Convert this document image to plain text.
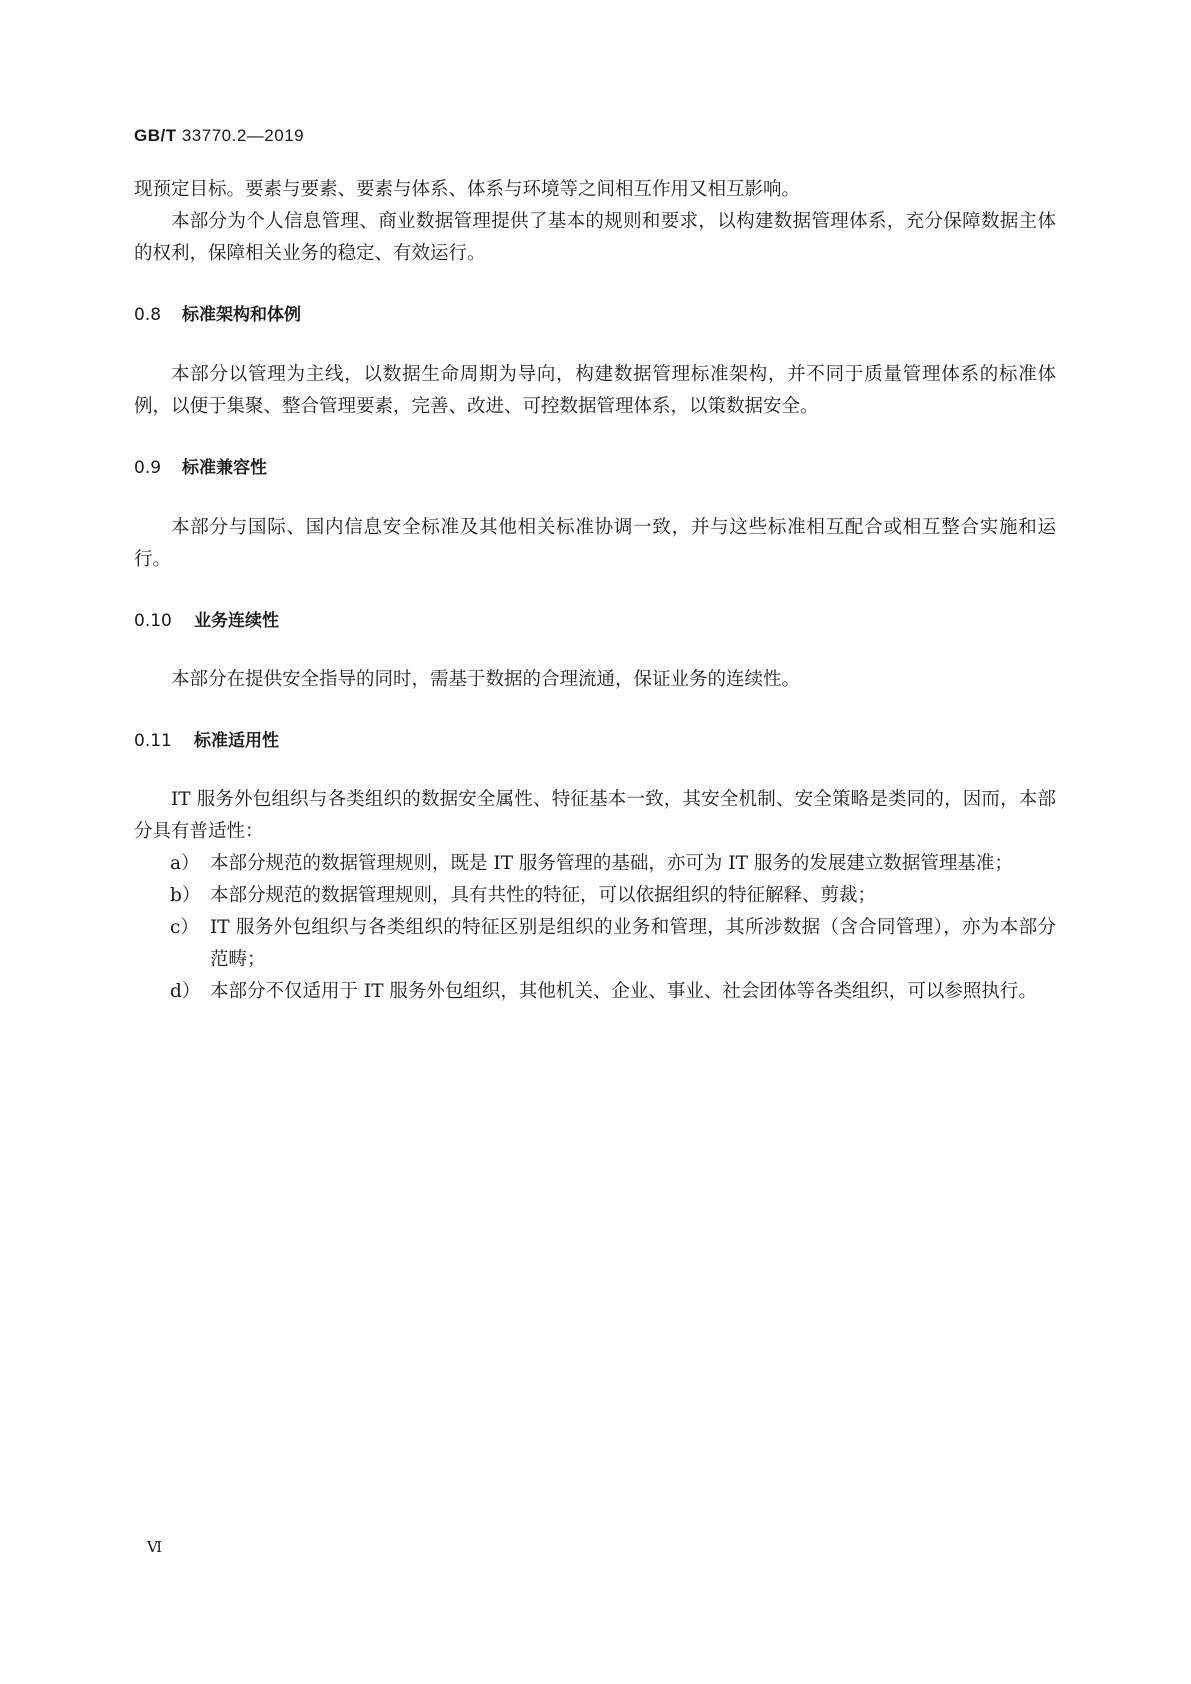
GB/T 33770.2—2019

现预定目标。要素与要素、要素与体系、体系与环境等之间相互作用又相互影响。

本部分为个人信息管理、商业数据管理提供了基本的规则和要求，以构建数据管理体系，充分保障数据主体的权利，保障相关业务的稳定、有效运行。

0.8 标准架构和体例

本部分以管理为主线，以数据生命周期为导向，构建数据管理标准架构，并不同于质量管理体系的标准体例，以便于集聚、整合管理要素，完善、改进、可控数据管理体系，以策数据安全。

0.9 标准兼容性

本部分与国际、国内信息安全标准及其他相关标准协调一致，并与这些标准相互配合或相互整合实施和运行。

0.10 业务连续性

本部分在提供安全指导的同时，需基于数据的合理流通，保证业务的连续性。

0.11 标准适用性

IT 服务外包组织与各类组织的数据安全属性、特征基本一致，其安全机制、安全策略是类同的，因而，本部分具有普适性：

a） 本部分规范的数据管理规则，既是 IT 服务管理的基础，亦可为 IT 服务的发展建立数据管理基准；
b） 本部分规范的数据管理规则，具有共性的特征，可以依据组织的特征解释、剪裁；
c） IT 服务外包组织与各类组织的特征区别是组织的业务和管理，其所涉数据（含合同管理），亦为本部分范畴；
d） 本部分不仅适用于 IT 服务外包组织，其他机关、企业、事业、社会团体等各类组织，可以参照执行。
Ⅵ
